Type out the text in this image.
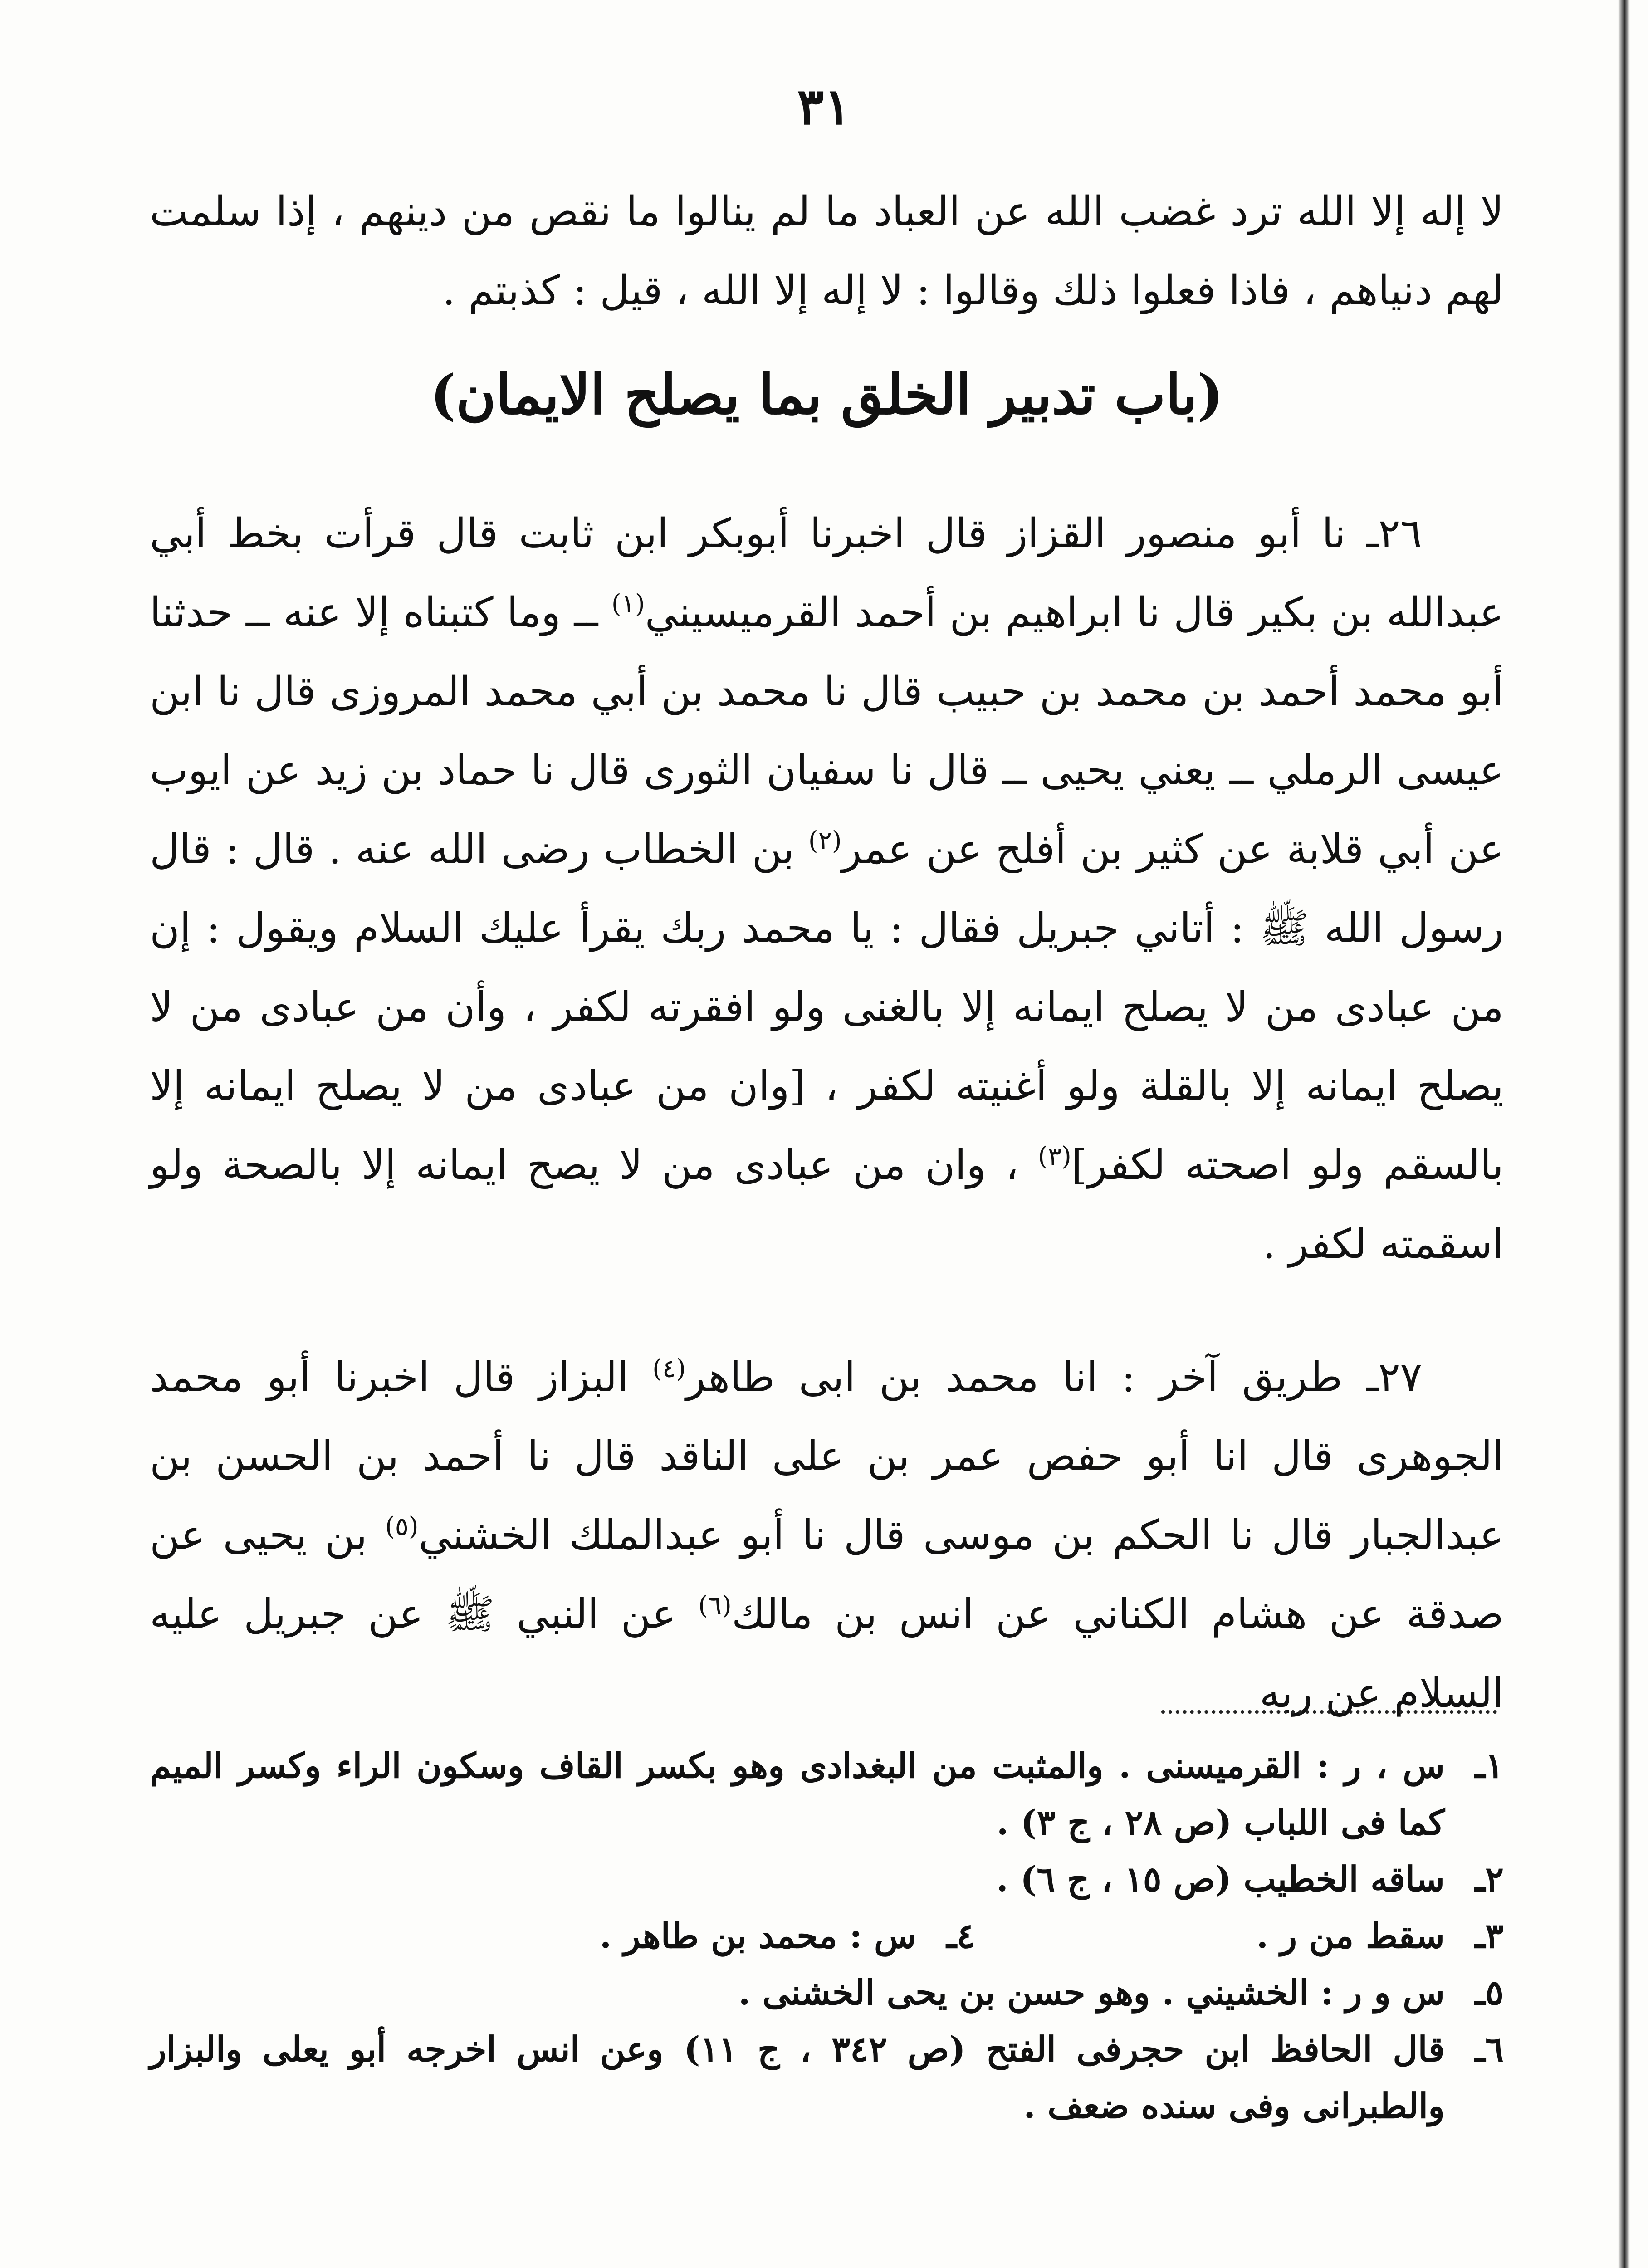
٣١

لا إله إلا الله ترد غضب الله عن العباد ما لم ينالوا ما نقص من دينهم ، إذا سلمت لهم دنياهم ، فاذا فعلوا ذلك وقالوا : لا إله إلا الله ، قيل : كذبتم .

(باب تدبير الخلق بما يصلح الايمان)

٢٦ـ نا أبو منصور القزاز قال اخبرنا أبوبكر ابن ثابت قال قرأت بخط أبي عبدالله بن بكير قال نا ابراهيم بن أحمد القرميسيني$^{(١)}$ ــ وما كتبناه إلا عنه ــ حدثنا أبو محمد أحمد بن محمد بن حبيب قال نا محمد بن أبي محمد المروزى قال نا ابن عيسى الرملي ــ يعني يحيى ــ قال نا سفيان الثورى قال نا حماد بن زيد عن ايوب عن أبي قلابة عن كثير بن أفلح عن عمر$^{(٢)}$ بن الخطاب رضى الله عنه . قال : قال رسول الله ﷺ : أتاني جبريل فقال : يا محمد ربك يقرأ عليك السلام ويقول : إن من عبادى من لا يصلح ايمانه إلا بالغنى ولو افقرته لكفر ، وأن من عبادى من لا يصلح ايمانه إلا بالقلة ولو أغنيته لكفر ، [وان من عبادى من لا يصلح ايمانه إلا بالسقم ولو اصحته لكفر]$^{(٣)}$ ، وان من عبادى من لا يصح ايمانه إلا بالصحة ولو اسقمته لكفر .

٢٧ـ طريق آخر : انا محمد بن ابى طاهر$^{(٤)}$ البزاز قال اخبرنا أبو محمد الجوهرى قال انا أبو حفص عمر بن على الناقد قال نا أحمد بن الحسن بن عبدالجبار قال نا الحكم بن موسى قال نا أبو عبدالملك الخشني$^{(٥)}$ بن يحيى عن صدقة عن هشام الكناني عن انس بن مالك$^{(٦)}$ عن النبي ﷺ عن جبريل عليه السلام عن ربه

١ـ
س ، ر : القرميسنى . والمثبت من البغدادى وهو بكسر القاف وسكون الراء وكسر الميم كما فى اللباب (ص ٢٨ ، ج ٣) .
٢ـ
ساقه الخطيب (ص ١٥ ، ج ٦) .
٣ـ
سقط من ر .
٤ـ
س : محمد بن طاهر .
٥ـ
س و ر : الخشيني . وهو حسن بن يحى الخشنى .
٦ـ
قال الحافظ ابن حجرفى الفتح (ص ٣٤٢ ، ج ١١) وعن انس اخرجه أبو يعلى والبزار والطبرانى وفى سنده ضعف .
